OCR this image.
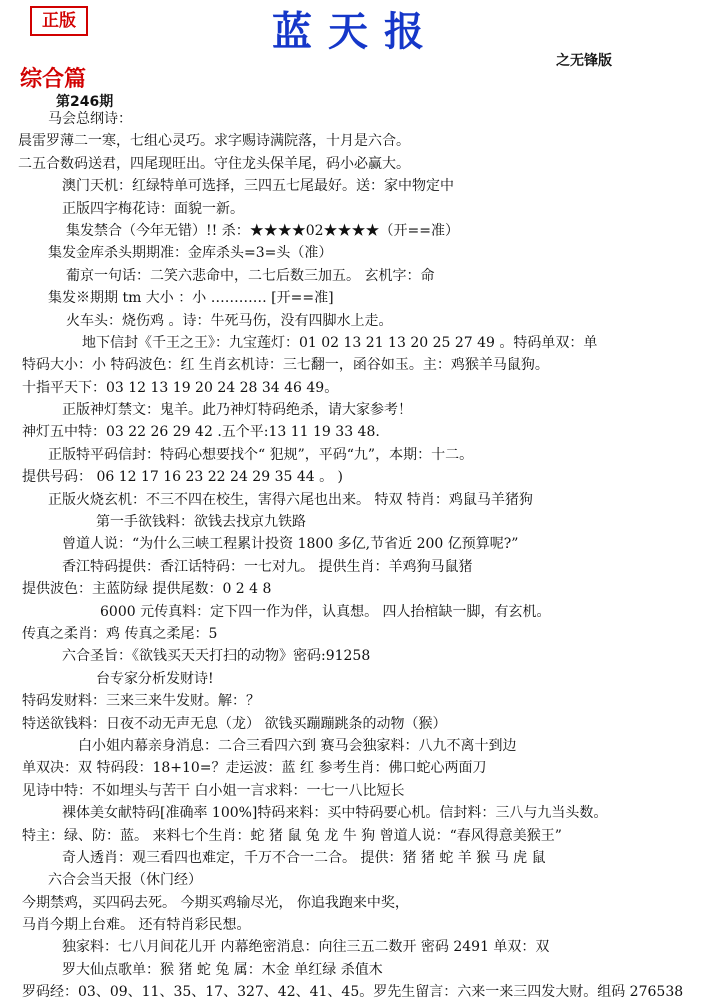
正版	蓝天报
之无锋版
综合篇
第246期
马会总纲诗：
晨雷罗薄二一寒，七组心灵巧。求字赐诗满院落，十月是六合。
二五合数码送君，四尾现旺出。守住龙头保羊尾，码小必赢大。
澳门天机：红绿特单可选择，三四五七尾最好。送：家中物定中
正版四字梅花诗：面貌一新。
集发禁合（今年无错）!! 杀：★★★★02★★★★（开==准）
集发金库杀头期期准：金库杀头=3=头（准）
葡京一句话：二笑六悲命中，二七后数三加五。 玄机字：命
集发※期期 tm 大小 ：小 ………… [开==准]
火车头：烧伤鸡 。诗：牛死马伤，没有四脚水上走。
地下信封《千王之王》：九宝莲灯：01 02 13 21 13 20 25 27 49 。特码单双：单
特码大小：小 特码波色：红 生肖玄机诗：三七翻一，函谷如玉。主：鸡猴羊马鼠狗。
十指平天下：03 12 13 19 20 24 28 34 46 49。
正版神灯禁文：鬼羊。此乃神灯特码绝杀，请大家参考！
神灯五中特：03 22 26 29 42 .五个平:13 11 19 33 48.
正版特平码信封：特码心想要找个“ 犯规”，平码“九”，本期：十二。
提供号码： 06 12 17 16 23 22 24 29 35 44 。 )
正版火烧玄机：不三不四在校生，害得六尾也出来。 特双 特肖：鸡鼠马羊猪狗
第一手欲钱料：欲钱去找京九铁路
曾道人说：“为什么三峡工程累计投资 1800 多亿,节省近 200 亿预算呢?”
香江特码提供：香江话特码：一七对九。 提供生肖：羊鸡狗马鼠猪
提供波色：主蓝防绿 提供尾数：0 2 4 8
6000 元传真料：定下四一作为伴，认真想。 四人抬棺缺一脚，有玄机。
传真之柔肖：鸡 传真之柔尾：5
六合圣旨：《欲钱买天天打扫的动物》密码:91258
台专家分析发财诗!
特码发财料：三来三来牛发财。解：？
特送欲钱料：日夜不动无声无息（龙） 欲钱买蹦蹦跳条的动物（猴）
白小姐内幕亲身消息：二合三看四六到 赛马会独家料：八九不离十到边
单双决：双 特码段：18+10=？走运波：蓝 红 参考生肖：佛口蛇心两面刀
见诗中特：不如埋头与苦干 白小姐一言求料：一七一八比短长
裸体美女献特码[准确率 100%]特码来料：买中特码要心机。信封料：三八与九当头数。
特主：绿、防：蓝。 来料七个生肖：蛇 猪 鼠 兔 龙 牛 狗 曾道人说：“春风得意美猴王”
奇人透肖：观三看四也难定，千万不合一二合。 提供：猪 猪 蛇 羊 猴 马 虎 鼠
六合会当天报（休门经）
今期禁鸡，买四码去死。 今期买鸡输尽光， 你追我跑来中奖，
马肖今期上台难。 还有特肖彩民想。
独家料：七八月间花儿开 内幕绝密消息：向往三五二数开 密码 2491 单双：双
罗大仙点歌单：猴 猪 蛇 兔 属：木金 单红绿 杀值木
罗码经：03、09、11、35、17、327、42、41、45。罗先生留言：六来一来三四发大财。组码 276538
